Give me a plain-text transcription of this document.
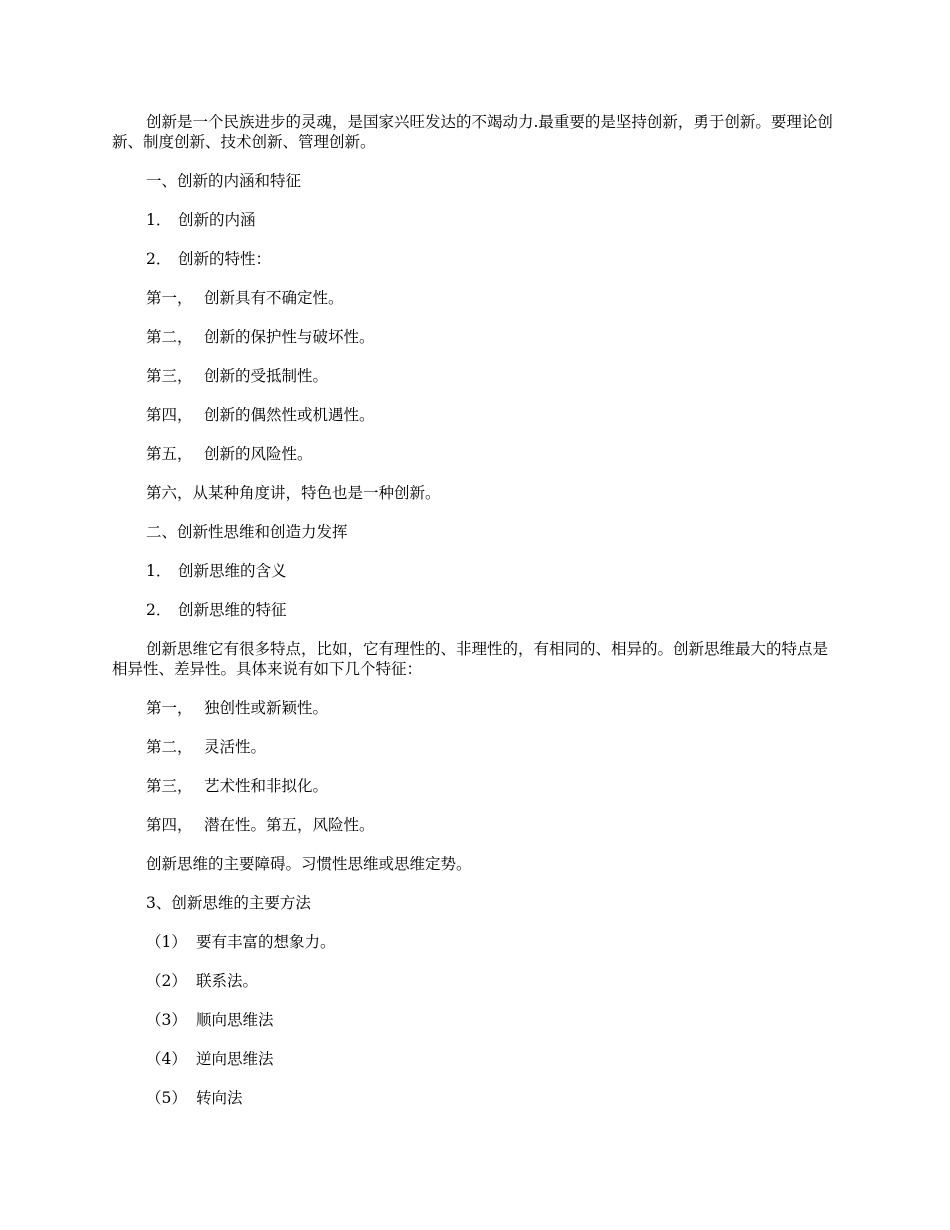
创新是一个民族进步的灵魂，是国家兴旺发达的不竭动力.最重要的是坚持创新，勇于创新。要理论创新、制度创新、技术创新、管理创新。

一、创新的内涵和特征
1． 创新的内涵
2． 创新的特性：
第一， 创新具有不确定性。
第二， 创新的保护性与破坏性。
第三， 创新的受抵制性。
第四， 创新的偶然性或机遇性。
第五， 创新的风险性。
第六，从某种角度讲，特色也是一种创新。
二、创新性思维和创造力发挥
1． 创新思维的含义
2． 创新思维的特征

创新思维它有很多特点，比如，它有理性的、非理性的，有相同的、相异的。创新思维最大的特点是相异性、差异性。具体来说有如下几个特征：

第一， 独创性或新颖性。
第二， 灵活性。
第三， 艺术性和非拟化。
第四， 潜在性。第五，风险性。
创新思维的主要障碍。习惯性思维或思维定势。
3、创新思维的主要方法
（1） 要有丰富的想象力。
（2） 联系法。
（3） 顺向思维法
（4） 逆向思维法
（5） 转向法
